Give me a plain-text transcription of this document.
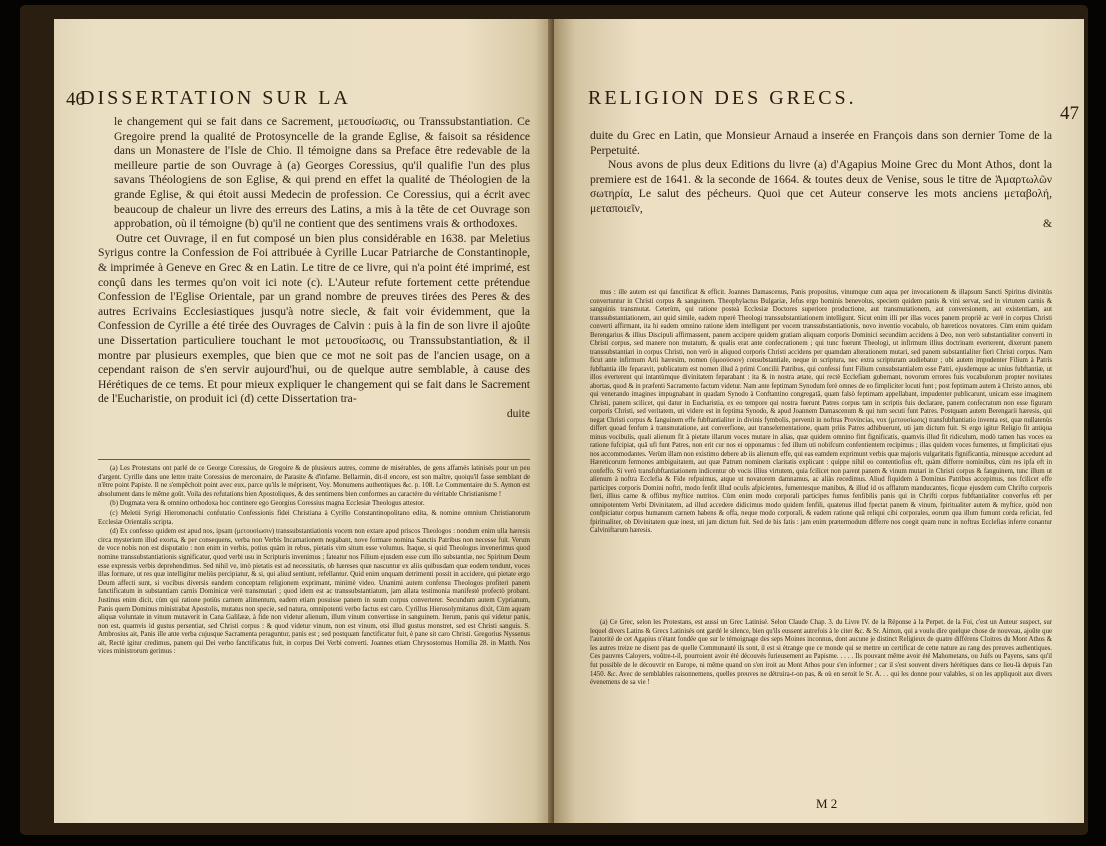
46
DISSERTATION SUR LA

le changement qui se fait dans ce Sacrement, μετουσίωσις, ou Transsubstantiation. Ce Gregoire prend la qualité de Protosyncelle de la grande Eglise, & faisoit sa résidence dans un Monastere de l'Isle de Chio. Il témoigne dans sa Preface être redevable de la meilleure partie de son Ouvrage à (a) Georges Coressius, qu'il qualifie l'un des plus savans Théologiens de son Eglise, & qui prend en effet la qualité de Théologien de la grande Eglise, & qui étoit aussi Medecin de profession. Ce Coressius, qui a écrit avec beaucoup de chaleur un livre des erreurs des Latins, a mis à la tête de cet Ouvrage son approbation, où il témoigne (b) qu'il ne contient que des sentimens vrais & orthodoxes.

Outre cet Ouvrage, il en fut composé un bien plus considérable en 1638. par Meletius Syrigus contre la Confession de Foi attribuée à Cyrille Lucar Patriarche de Constantinople, & imprimée à Geneve en Grec & en Latin. Le titre de ce livre, qui n'a point été imprimé, est conçû dans les termes qu'on voit ici note (c). L'Auteur refute fortement cette prétendue Confession de l'Eglise Orientale, par un grand nombre de preuves tirées des Peres & des autres Ecrivains Ecclesiastiques jusqu'à notre siecle, & fait voir évidemment, que la Confession de Cyrille a été tirée des Ouvrages de Calvin : puis à la fin de son livre il ajoûte une Dissertation particuliere touchant le mot μετουσίωσις, ou Transsubstantiation, & il montre par plusieurs exemples, que bien que ce mot ne soit pas de l'ancien usage, on a cependant raison de s'en servir aujourd'hui, ou de quelque autre semblable, à cause des Hérétiques de ce tems. Et pour mieux expliquer le changement qui se fait dans le Sacrement de l'Eucharistie, on produit ici (d) cette Dissertation tra-

duite

(a) Les Protestans ont parlé de ce George Coressius, de Gregoire & de plusieurs autres, comme de misérables, de gens affamés latinisés pour un peu d'argent. Cyrille dans une lettre traite Coressius de mercenaire, de Parasite & d'infame. Bellarmin, dit-il encore, est son maître, quoiqu'il fasse semblant de n'être point Papiste. Il ne s'empêchoit point avec eux, parce qu'ils le méprisent, Voy. Monumens authentiques &c. p. 108. Le Commentaire du S. Aymon est absolument dans le même goût. Voila des refutations bien Apostoliques, & des sentimens bien conformes au caractére du véritable Christianisme !

(b) Dogmata vera & omnino orthodoxa hoc continere ego Georgius Coressius magna Ecclesiæ Theologus attestor.

(c) Meletii Syrigi Hieromonachi confutatio Confessionis fidei Christiana à Cyrillo Constantinopolitano edita, & nomine omnium Christianorum Ecclesiæ Orientalis scripta.

(d) Ex confesso quidem est apud nos, ipsam (μετουσίωσιν) transsubstantiationis vocem non extare apud priscos Theologos : nondum enim ulla hæresis circa mysterium illud exorta, & per consequens, verba non Verbis Incarnationem negabant, nove formare nomina Sanctis Patribus non necesse fuit. Verum de voce nobis non est disputatio : non enim in verbis, potius quàm in rebus, pietatis vim situm esse volumus. Itaque, si quid Theologus invenerimus quod nomine transsubstantiationis significatur, quod verbi usu in Scripturis invenimus ; fateatur nos Filium ejusdem esse cum illo substantiæ, nec Spiritum Deum esse expressis verbis deprehendimus. Sed nihil ve, imò pietatis est ad necessitatis, ob hæreses quæ nascuntur ex aliis quibusdam quæ eodem tendunt, voces illas formare, ut res quæ intelligitur meliùs percipiatur, & si, qui aliud sentiunt, refellantur. Quid enim unquam detrimenti possit in accidere, qui pietate ergo Deum affecti sunt, si vocibus diversis eandem conceptam religionem exprimant, minimè video. Unanimi autem confensu Theologos profiteri panem fanctificatum in substantiam carnis Dominicæ verè transmutari ; quod idem est ac transsubstantiatum, jam allata testimonia manifestè profectò probant. Justinus enim dicit, cùm qui ratione potiùs carnem alimentum, eadem etiam posuisse panem in suum corpus converterer. Secundum autem Cyprianum, Panis quem Dominus ministrabat Apostolis, mutatus non specie, sed natura, omnipotenti verbo factus est caro. Cyrillus Hierosolymitanus dixit, Cùm aquam aliquæ voluntate in vinum mutaverit in Cana Galilææ, à fide non videtur alienum, illum vinum convertisse in sanguinem. Iterum, panis qui videtur panis, non est, quamvis id gustus persentiat, sed Christi corpus : & quod videtur vinum, non est vinum, etsi illud gustus monstret, sed est Christi sanguis. S. Ambrosius ait, Panis ille ante verba cujusque Sacramenta peraguntur, panis est ; sed postquam fanctificatur fuit, è pane sit caro Christi. Gregorius Nyssenus ait, Rectè igitur credimus, panem qui Dei verbo fanctificatus fuit, in corpus Dei Verbi converti. Joannes etiam Chrysostomus Homilia 28. in Matth. Nos vices ministrorum gerimus :

RELIGION DES GRECS.
47

duite du Grec en Latin, que Monsieur Arnaud a inserée en François dans son dernier Tome de la Perpetuité.

Nous avons de plus deux Editions du livre (a) d'Agapius Moine Grec du Mont Athos, dont la premiere est de 1641. & la seconde de 1664. & toutes deux de Venise, sous le titre de Ἁμαρτωλῶν σωτηρία, Le salut des pécheurs. Quoi que cet Auteur conserve les mots anciens μεταβολή, μεταποιεῖν,

&

mus : ille autem est qui fanctificat & efficit. Joannes Damascenus, Panis propositus, vinumque cum aqua per invocationem & illapsum Sancti Spiritus divinitùs convertuntur in Christi corpus & sanguinem. Theophylactus Bulgariæ, Jefus ergo hominis benevolus, speciem quidem panis & vini servat, sed in virtutem carnis & sanguinis transmutat. Ceterùm, qui ratione posteà Ecclesiæ Doctores superiore productione, aut transmutationem, aut conversionem, aut existentiam, aut transsubstantiationem, aut quid simile, eadem ruperè Theologi transsubstantiationem intelligunt. Sicut enim illi per illas voces panem propriè ac verè in corpus Christi converti affirmant, ita hi eadem omnino ratione idem intelligunt per vocem transsubstantiationis, novo inventio vocabulo, ob hæreticos novatores. Cùm enim quidam Berengarius & illius Discipuli affirmassent, panem accipere quidem gratiam aliquam corporis Dominici secundùm accidens à Deo, non verò substantialiter converti in Christi corpus, sed manere non mutatum, & qualis erat ante confecrationem ; qui tunc fuerunt Theologi, ut infirmum illius doctrinam everterent, dixerunt panem transsubstantiari in corpus Christi, non verò in aliquod corporis Christi accidens per quamdam alterationem mutari, sed panem substantialiter fieri Christi corpus. Nam ficut ante infirmum Arii hæresim, nomen (ὁμοούσιον) consubstantiale, neque in scriptura, nec extra scripturam audiebatur ; ubi autem impudenter Filium à Patris fubftantia ille feparavit, publicatum est nomen illud à primi Concilii Patribus, qui confessi funt Filium consubstantialem esse Patri, ejusdemque ac unius fubftantiæ, ut illos everterent qui intantùmque divinitatem feparabant : ita & in nostra ætate, qui rectè Ecclefiam gubernant, novorum errores fuis vocabulorum propter novitates abortas, quod & in præfenti Sacramento factum videtur. Nam ante feptimam Synodum ferè omnes de eo fimpliciter locuti funt ; post feptimam autem à Christo annos, ubi qui venerando imagines impugnabant in quadam Synodo à Conftantino congregatâ, quam falsò feptimam appellabant, impudenter publicarunt, unicam esse imaginem Christi, panem scilicet, qui datur in Eucharistia, ex eo tempore qui nostra fuerunt Patres corpus tam in scriptis fuis declarare, panem confecratum non esse figuram corporis Christi, sed veritatem, uti videre est in feptima Synodo, & apud Joannem Damascenum & qui tum secuti funt Patres. Postquam autem Berengarii hæresis, qui negat Christi corpus & fanguinem effe fubftantialiter in divinis fymbolis, pervenit in noftras Provincias, vox (μετουσίωσις) transfubftantiatio inventa est, quæ nullatenùs differt quoad fenfum à transmutatione, aut converfione, aut transelementatione, quam priùs Patres adhibuerunt, uti jam dictum fuit. Si ergo igitur Religio fit antiqua minus vocibulis, quali alienum fit à pietate illarum voces mutare in alias, quæ quidem omnino fint fignificatis, quamvis illud fit ridiculum, modò tamen has voces ea ratione fufcipiat, quâ ufi funt Patres, non erit cur nos ei opponamus : fed illum uti nobifcum confentientem recipimus ; illas quidem voces fumentes, ut fimplicitati ejus nos accommodantes. Verùm illam non existimo debere ab iis alienum effe, qui eas eamdem exprimunt verbis quæ majoris vulgaritatis fignificantia, minusque accedunt ad Hæreticorum fermones ambiguitatem, aut quæ Patrum nominem claritatis explicant : quippe nihil eo contentiofius eft, quàm differre nominibus, cùm res ipfa eft in confeffo. Si verò transfubftantiationem indicentur ob vocis illius virtutem, quia fcilicet non parent panem & vinum mutari in Christi corpus & fanguinem, tunc illum ut alienum à noftra Ecclefia & Fide refpuimus, atque ut novatorem damnamus, ac aliàs recedimus. Aliud fiquidem à Dominus Patribus accepimus, nos fcilicet effe participes corporis Domini noftri, modo fenfit illud oculis afpicientes, fumentesque manibus, & illud id os afflatum manducantes, ficque ejusdem cum Chrifto corporis fieri, illius carne & offibus myftice nutritos. Cùm enim modo corporali participes fumus fenfibilis panis qui in Chrifti corpus fubftantialiter converfus eft per omnipotentem Verbi Divinitatem, ad illud accedere didicimus modo quidem fenfili, quatenus illud fpectat panem & vinum, fpiritualiter autem & myftice, quòd non confpiciatur corpus humanum carnem habens & offa, neque modo corporali, & eadem ratione quâ reliqui cibi corporales, eorum qua illum fumunt corda reficiat, fed fpiritualiter, ob Divinitatem quæ inest, uti jam dictum fuit. Sed de his fatis : jam enim prætermodum differre nos coegit quam nunc in noftras Ecclefias inferre conantur Calviniftarum hæresis.

(a) Ce Grec, selon les Protestans, est aussi un Grec Latinisé. Selon Claude Chap. 3. du Livre IV. de la Réponse à la Perpet. de la Foi, c'est un Auteur suspect, sur lequel divers Latins & Grecs Latinisés ont gardé le silence, bien qu'ils eussent autrefois à le citer &c. & Sr. Aimon, qui a voulu dire quelque chose de nouveau, ajoûte que l'autorité de cet Agapius n'étant fondée que sur le témoignage des seps Moines inconnus, dont aucune je distinct Religieux de quatre différens Cloitres du Mont Athos & les autres treize ne disent pas de quelle Communauté ils sont, il est si étrange que ce monde qui se mettre un certificat de cette nature au rang des preuves authentiques. Ces pauvres Caloyers, voûtre-t-il, pourroient avoir été découvés furieusement au Papisme. . . . . Ils pouvant même avoir été Mahometans, ou Juifs ou Payens, sans qu'il fut possible de le découvrir en Europe, ni même quand on s'en iroit au Mont Athos pour s'en informer ; car il s'est souvent divers hérétiques dans ce lieu-là depuis l'an 1450. &c. Avec de semblables raisonnemens, quelles preuves ne détruira-t-on pas, & où en seroit le Sr. A. . . qui les donne pour valables, si on les appliquoit aux divers évenemens de sa vie !

M 2
